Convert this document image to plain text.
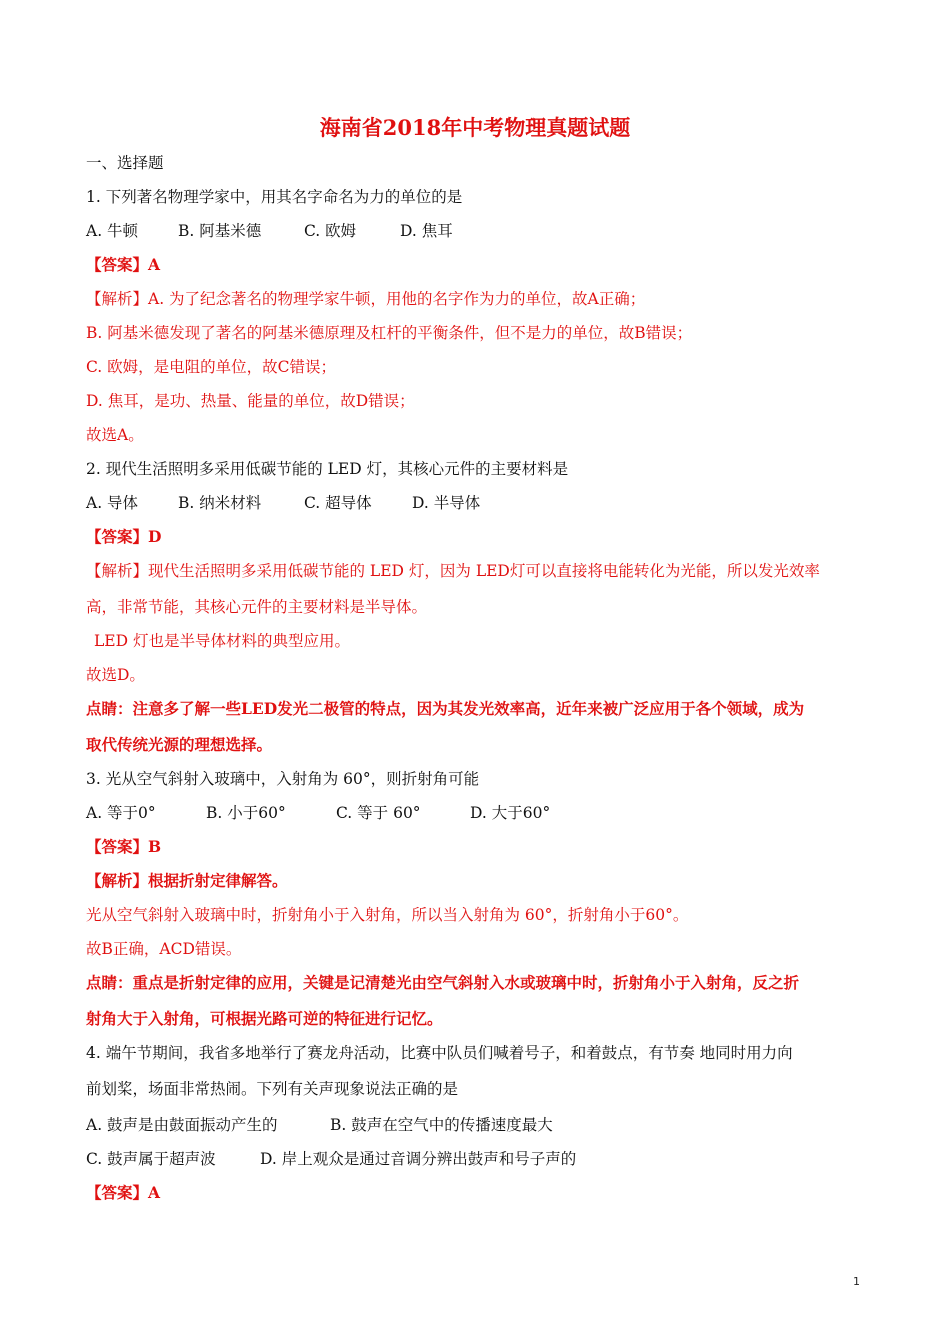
海南省2018年中考物理真题试题
一、选择题
1. 下列著名物理学家中，用其名字命名为力的单位的是
A. 牛顿	B. 阿基米德	C. 欧姆	D. 焦耳
【答案】A
【解析】A. 为了纪念著名的物理学家牛顿，用他的名字作为力的单位，故A正确；
B. 阿基米德发现了著名的阿基米德原理及杠杆的平衡条件，但不是力的单位，故B错误；
C. 欧姆，是电阻的单位，故C错误；
D. 焦耳，是功、热量、能量的单位，故D错误；
故选A。
2. 现代生活照明多采用低碳节能的 LED 灯，其核心元件的主要材料是
A. 导体	B. 纳米材料	C. 超导体	D. 半导体
【答案】D
【解析】现代生活照明多采用低碳节能的 LED 灯，因为 LED灯可以直接将电能转化为光能，所以发光效率
高，非常节能，其核心元件的主要材料是半导体。
LED 灯也是半导体材料的典型应用。
故选D。
点睛：注意多了解一些LED发光二极管的特点，因为其发光效率高，近年来被广泛应用于各个领域，成为
取代传统光源的理想选择。
3. 光从空气斜射入玻璃中，入射角为 60°，则折射角可能
A. 等于0°	B. 小于60°	C. 等于 60°	D. 大于60°
【答案】B
【解析】根据折射定律解答。
光从空气斜射入玻璃中时，折射角小于入射角，所以当入射角为 60°，折射角小于60°。
故B正确，ACD错误。
点睛：重点是折射定律的应用，关键是记清楚光由空气斜射入水或玻璃中时，折射角小于入射角，反之折
射角大于入射角，可根据光路可逆的特征进行记忆。
4. 端午节期间，我省多地举行了赛龙舟活动，比赛中队员们喊着号子，和着鼓点，有节奏 地同时用力向
前划桨，场面非常热闹。下列有关声现象说法正确的是
A. 鼓声是由鼓面振动产生的	B. 鼓声在空气中的传播速度最大
C. 鼓声属于超声波	D. 岸上观众是通过音调分辨出鼓声和号子声的
【答案】A
1
